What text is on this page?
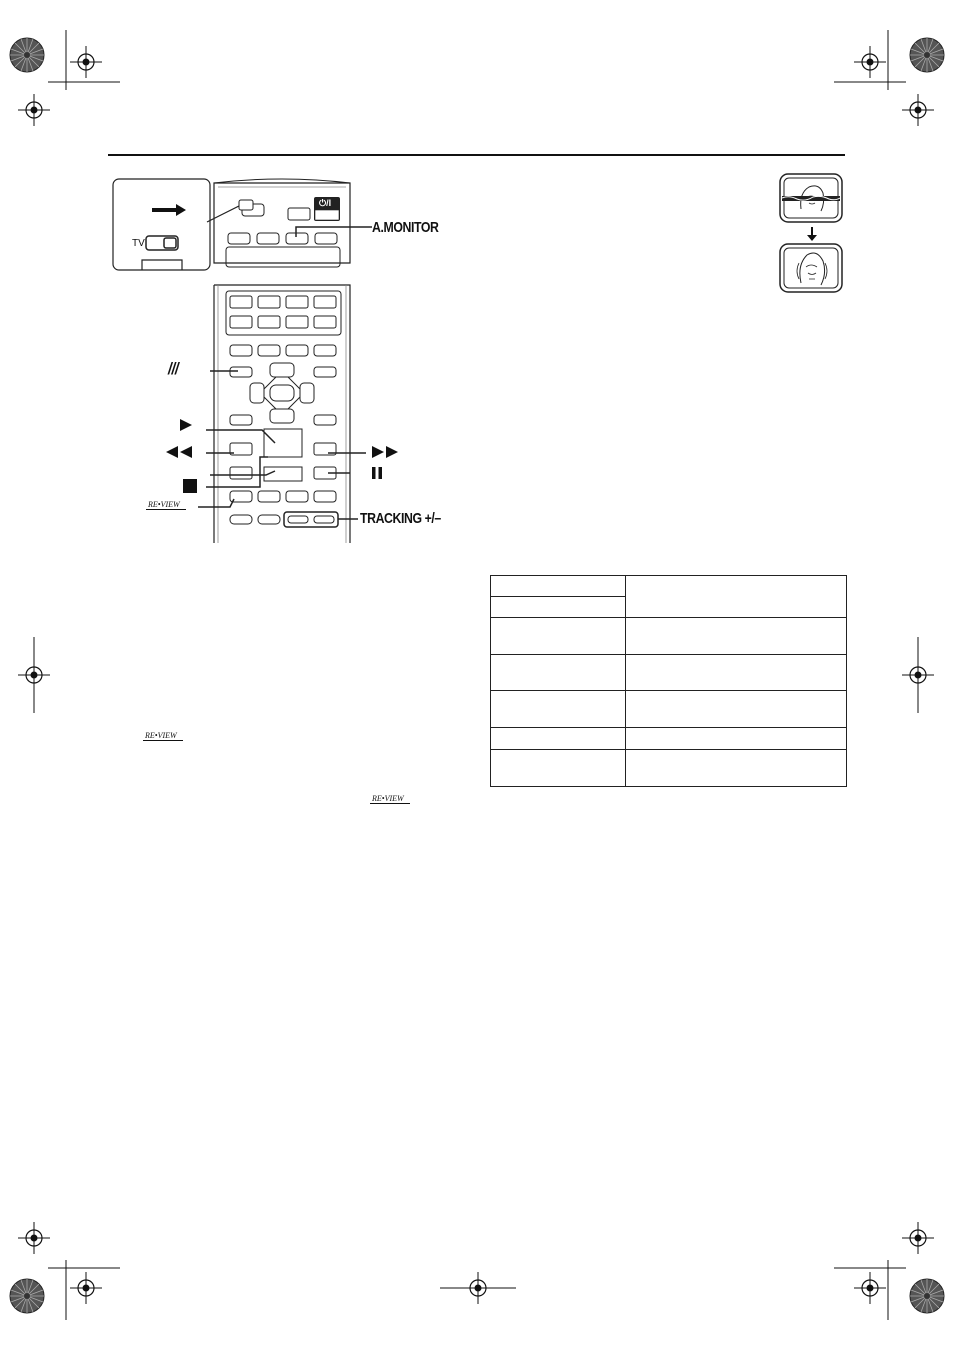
TV
⏻/I
A.MONITOR
///
TRACKING +/–
RE•VIEW
RE•VIEW
RE•VIEW
